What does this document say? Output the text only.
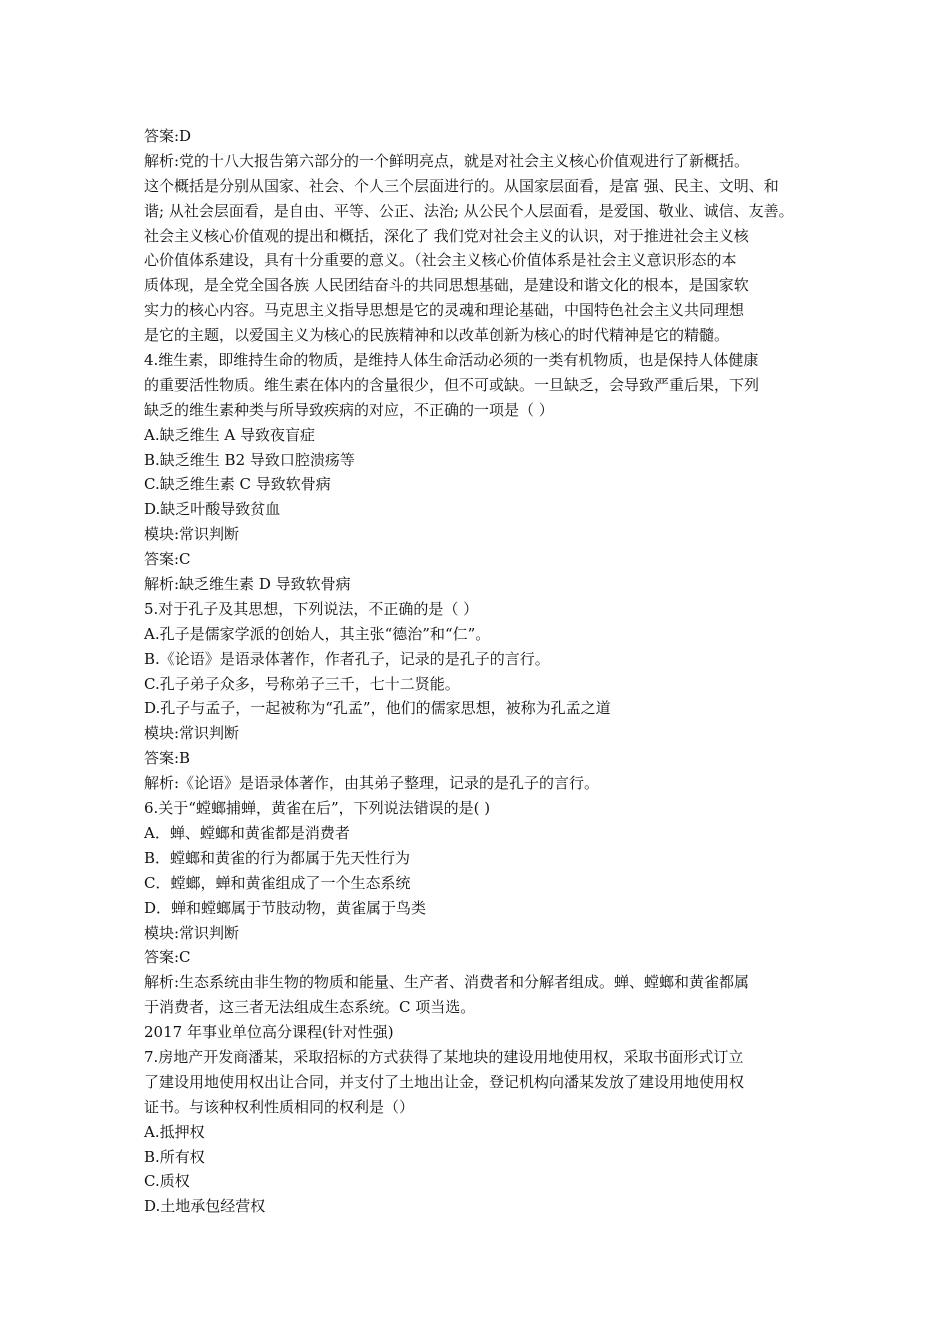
答案:D
解析:党的十八大报告第六部分的一个鲜明亮点，就是对社会主义核心价值观进行了新概括。
这个概括是分别从国家、社会、个人三个层面进行的。从国家层面看，是富 强、民主、文明、和
谐; 从社会层面看，是自由、平等、公正、法治; 从公民个人层面看，是爱国、敬业、诚信、友善。
社会主义核心价值观的提出和概括，深化了 我们党对社会主义的认识，对于推进社会主义核
心价值体系建设，具有十分重要的意义。（社会主义核心价值体系是社会主义意识形态的本
质体现，是全党全国各族 人民团结奋斗的共同思想基础，是建设和谐文化的根本，是国家软
实力的核心内容。马克思主义指导思想是它的灵魂和理论基础，中国特色社会主义共同理想
是它的主题，以爱国主义为核心的民族精神和以改革创新为核心的时代精神是它的精髓。
4.维生素，即维持生命的物质，是维持人体生命活动必须的一类有机物质，也是保持人体健康
的重要活性物质。维生素在体内的含量很少，但不可或缺。一旦缺乏，会导致严重后果，下列
缺乏的维生素种类与所导致疾病的对应，不正确的一项是（ ）
A.缺乏维生 A 导致夜盲症
B.缺乏维生 B2 导致口腔溃疡等
C.缺乏维生素 C 导致软骨病
D.缺乏叶酸导致贫血
模块:常识判断
答案:C
解析:缺乏维生素 D 导致软骨病
5.对于孔子及其思想，下列说法，不正确的是（ ）
A.孔子是儒家学派的创始人，其主张“德治”和“仁”。
B.《论语》是语录体著作，作者孔子，记录的是孔子的言行。
C.孔子弟子众多，号称弟子三千，七十二贤能。
D.孔子与孟子，一起被称为“孔孟”，他们的儒家思想，被称为孔孟之道
模块:常识判断
答案:B
解析:《论语》是语录体著作，由其弟子整理，记录的是孔子的言行。
6.关于“螳螂捕蝉，黄雀在后”，下列说法错误的是( )
A．蝉、螳螂和黄雀都是消费者
B．螳螂和黄雀的行为都属于先天性行为
C．螳螂，蝉和黄雀组成了一个生态系统
D．蝉和螳螂属于节肢动物，黄雀属于鸟类
模块:常识判断
答案:C
解析:生态系统由非生物的物质和能量、生产者、消费者和分解者组成。蝉、螳螂和黄雀都属
于消费者，这三者无法组成生态系统。C 项当选。
2017 年事业单位高分课程(针对性强)
7.房地产开发商潘某，采取招标的方式获得了某地块的建设用地使用权，采取书面形式订立
了建设用地使用权出让合同，并支付了土地出让金，登记机构向潘某发放了建设用地使用权
证书。与该种权利性质相同的权利是（）
A.抵押权
B.所有权
C.质权
D.土地承包经营权
